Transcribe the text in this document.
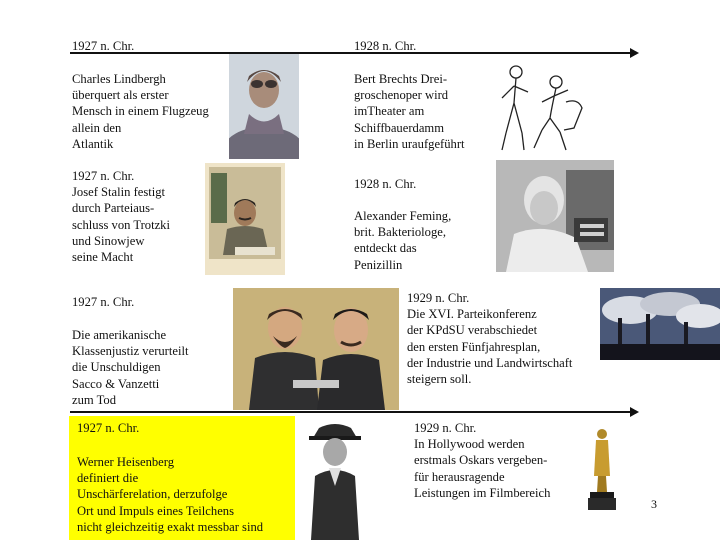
1927 n. Chr.	1928 n. Chr.
Charles Lindbergh
überquert als erster
Mensch in einem Flugzeug
allein den
Atlantik
Bert Brechts Drei-
groschenoper wird
imTheater am
Schiffbauerdamm
in Berlin uraufgeführt
1927 n. Chr.
Josef Stalin festigt
durch Parteiaus-
schluss von Trotzki
und Sinowjew
seine Macht
1928 n. Chr.
Alexander Feming,
brit. Bakteriologe,
entdeckt das
Penizillin
1927 n. Chr.
Die amerikanische
Klassenjustiz verurteilt
die Unschuldigen
Sacco & Vanzetti
zum Tod
1929 n. Chr.
Die XVI. Parteikonferenz
der KPdSU verabschiedet
den ersten Fünfjahresplan,
der Industrie und Landwirtschaft
steigern soll.
1927 n. Chr.
Werner Heisenberg
definiert die
Unschärferelation, derzufolge
Ort und Impuls eines Teilchens
nicht gleichzeitig exakt messbar sind
1929 n. Chr.
In Hollywood werden
erstmals Oskars vergeben-
für herausragende
Leistungen im Filmbereich
3
